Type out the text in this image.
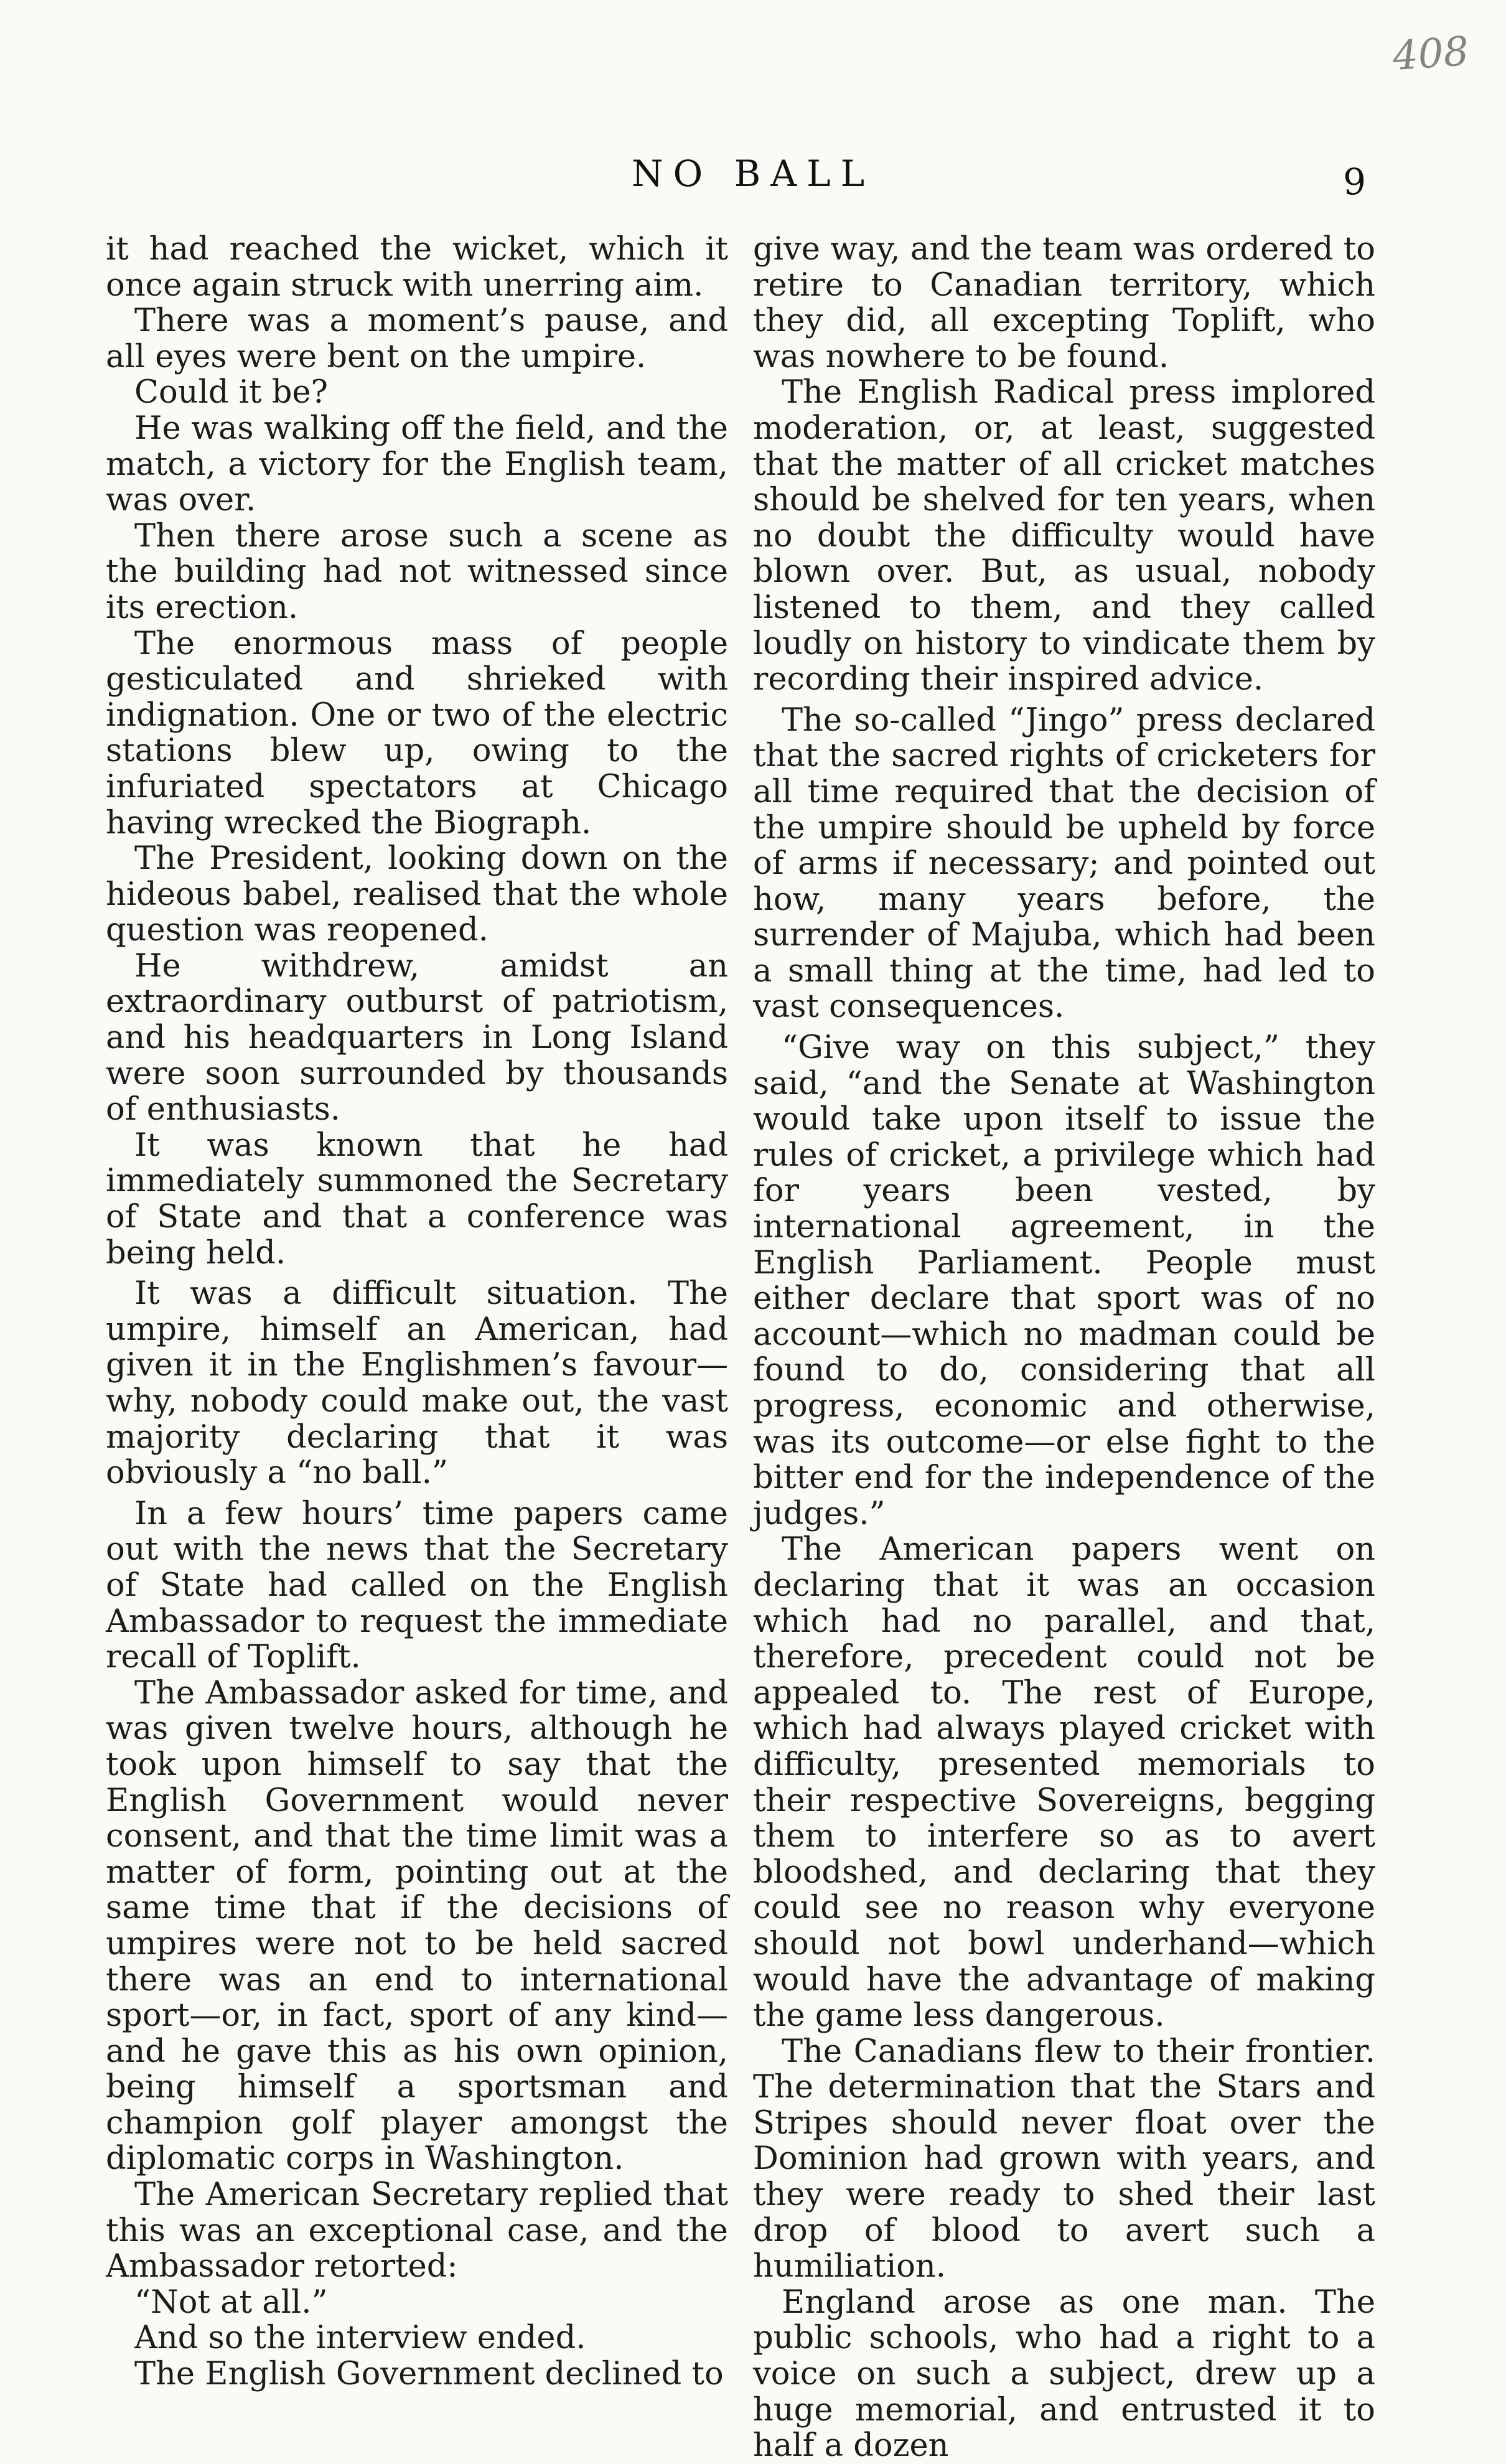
408
NO BALL	9

it had reached the wicket, which it once again struck with unerring aim.

There was a moment’s pause, and all eyes were bent on the umpire.

Could it be?

He was walking off the field, and the match, a victory for the English team, was over.

Then there arose such a scene as the building had not witnessed since its erection.

The enormous mass of people gesticulated and shrieked with indignation. One or two of the electric stations blew up, owing to the infuriated spectators at Chicago having wrecked the Biograph.

The President, looking down on the hideous babel, realised that the whole question was reopened.

He withdrew, amidst an extraordinary outburst of patriotism, and his headquarters in Long Island were soon surrounded by thousands of enthusiasts.

It was known that he had immediately summoned the Secretary of State and that a conference was being held.

It was a difficult situation. The umpire, himself an American, had given it in the Englishmen’s favour—why, nobody could make out, the vast majority declaring that it was obviously a “no ball.”

In a few hours’ time papers came out with the news that the Secretary of State had called on the English Ambassador to request the immediate recall of Toplift.

The Ambassador asked for time, and was given twelve hours, although he took upon himself to say that the English Government would never consent, and that the time limit was a matter of form, pointing out at the same time that if the decisions of umpires were not to be held sacred there was an end to international sport—or, in fact, sport of any kind— and he gave this as his own opinion, being himself a sportsman and champion golf player amongst the diplomatic corps in Washington.

The American Secretary replied that this was an exceptional case, and the Ambassador retorted:

“Not at all.”

And so the interview ended.

The English Government declined to

give way, and the team was ordered to retire to Canadian territory, which they did, all excepting Toplift, who was nowhere to be found.

The English Radical press implored moderation, or, at least, suggested that the matter of all cricket matches should be shelved for ten years, when no doubt the difficulty would have blown over. But, as usual, nobody listened to them, and they called loudly on history to vindicate them by recording their inspired advice.

The so-called “Jingo” press declared that the sacred rights of cricketers for all time required that the decision of the umpire should be upheld by force of arms if necessary; and pointed out how, many years before, the surrender of Majuba, which had been a small thing at the time, had led to vast consequences.

“Give way on this subject,” they said, “and the Senate at Washington would take upon itself to issue the rules of cricket, a privilege which had for years been vested, by international agreement, in the English Parliament. People must either declare that sport was of no account—which no madman could be found to do, considering that all progress, economic and otherwise, was its outcome—or else fight to the bitter end for the independence of the judges.”

The American papers went on declaring that it was an occasion which had no parallel, and that, therefore, precedent could not be appealed to. The rest of Europe, which had always played cricket with difficulty, presented memorials to their respective Sovereigns, begging them to interfere so as to avert bloodshed, and declaring that they could see no reason why everyone should not bowl underhand—which would have the advantage of making the game less dangerous.

The Canadians flew to their frontier. The determination that the Stars and Stripes should never float over the Dominion had grown with years, and they were ready to shed their last drop of blood to avert such a humiliation.

England arose as one man. The public schools, who had a right to a voice on such a subject, drew up a huge memorial, and entrusted it to half a dozen
